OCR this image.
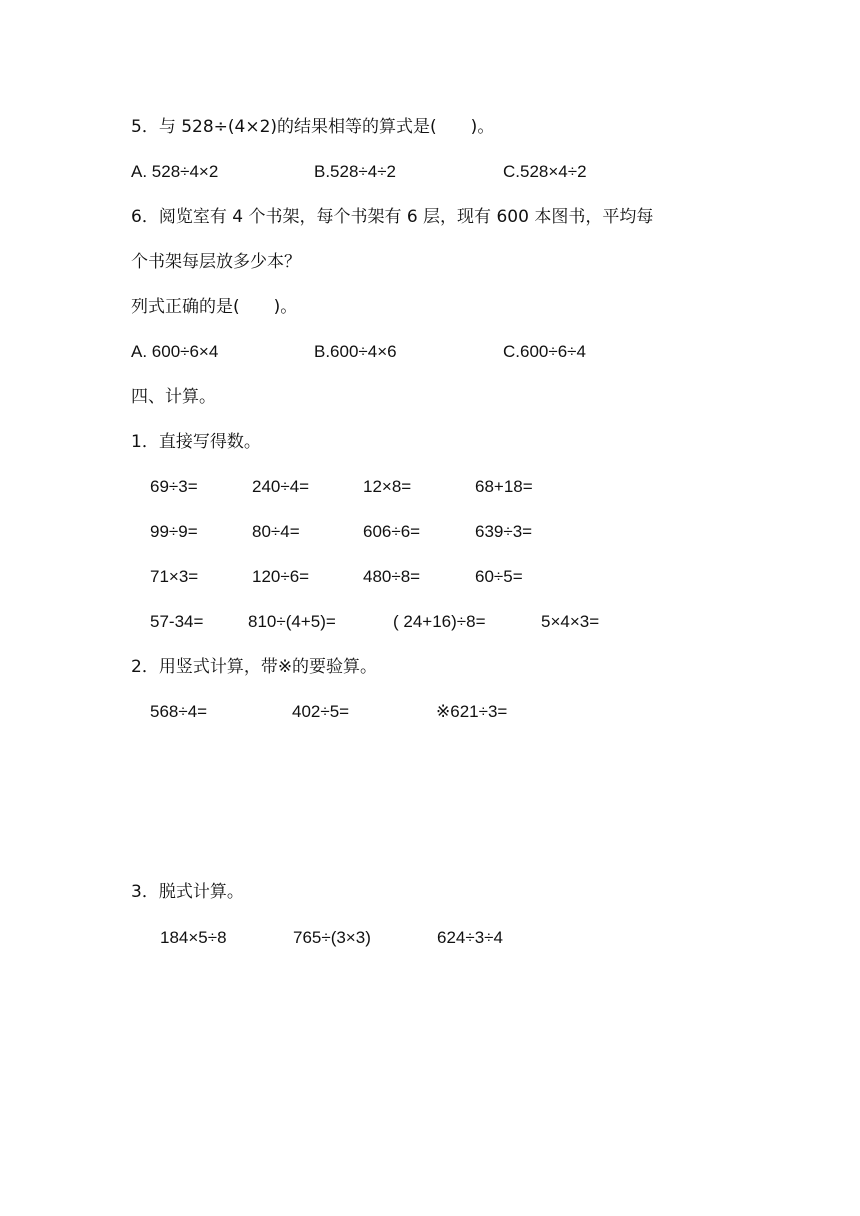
5．与 528÷(4×2)的结果相等的算式是(　　)。
A. 528÷4×2	B.528÷4÷2	C.528×4÷2
6．阅览室有 4 个书架，每个书架有 6 层，现有 600 本图书，平均每
个书架每层放多少本？
列式正确的是(　　)。
A. 600÷6×4	B.600÷4×6	C.600÷6÷4
四、计算。
1．直接写得数。
69÷3=	240÷4=	12×8=	68+18=
99÷9=	80÷4=	606÷6=	639÷3=
71×3=	120÷6=	480÷8=	60÷5=
57-34=	810÷(4+5)=	( 24+16)÷8=	5×4×3=
2．用竖式计算，带※的要验算。
568÷4=	402÷5=	※621÷3=
3．脱式计算。
184×5÷8	765÷(3×3)	624÷3÷4
